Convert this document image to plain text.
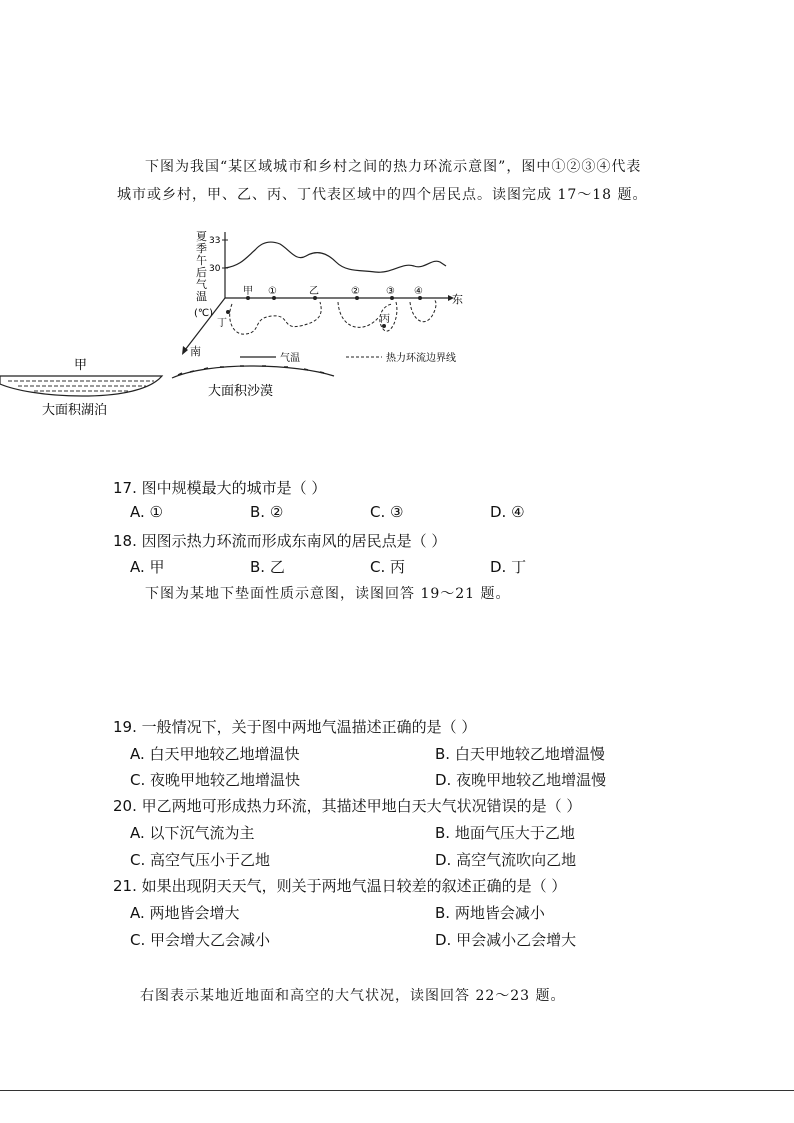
下图为我国“某区域城市和乡村之间的热力环流示意图”，图中①②③④代表
城市或乡村，甲、乙、丙、丁代表区域中的四个居民点。读图完成 17～18 题。
33
30
夏季午后气温
(℃)
东
南
甲 ①	乙	②	③ ④
丁	丙
气温	热力环流边界线
甲
大面积湖泊
大面积沙漠
17. 图中规模最大的城市是（ ）
A. ①	B. ②	C. ③	D. ④
18. 因图示热力环流而形成东南风的居民点是（ ）
A. 甲	B. 乙	C. 丙	D. 丁
下图为某地下垫面性质示意图，读图回答 19～21 题。
19. 一般情况下，关于图中两地气温描述正确的是（ ）
A. 白天甲地较乙地增温快	B. 白天甲地较乙地增温慢
C. 夜晚甲地较乙地增温快	D. 夜晚甲地较乙地增温慢
20. 甲乙两地可形成热力环流，其描述甲地白天大气状况错误的是（ ）
A. 以下沉气流为主	B. 地面气压大于乙地
C. 高空气压小于乙地	D. 高空气流吹向乙地
21. 如果出现阴天天气，则关于两地气温日较差的叙述正确的是（ ）
A. 两地皆会增大	B. 两地皆会减小
C. 甲会增大乙会减小	D. 甲会减小乙会增大
右图表示某地近地面和高空的大气状况，读图回答 22～23 题。
